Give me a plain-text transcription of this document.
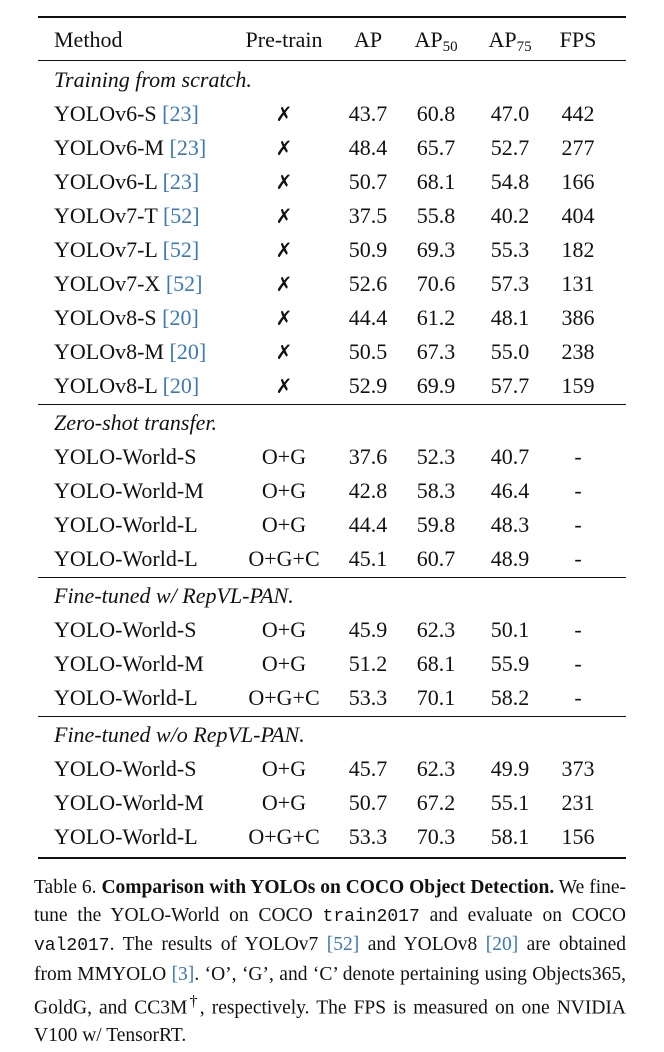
Method	Pre-train	AP	$AP_{50}$	$AP_{75}$	FPS
Training from scratch.
YOLOv6-S [23]	✗	43.7	60.8	47.0	442
YOLOv6-M [23]	✗	48.4	65.7	52.7	277
YOLOv6-L [23]	✗	50.7	68.1	54.8	166
YOLOv7-T [52]	✗	37.5	55.8	40.2	404
YOLOv7-L [52]	✗	50.9	69.3	55.3	182
YOLOv7-X [52]	✗	52.6	70.6	57.3	131
YOLOv8-S [20]	✗	44.4	61.2	48.1	386
YOLOv8-M [20]	✗	50.5	67.3	55.0	238
YOLOv8-L [20]	✗	52.9	69.9	57.7	159
Zero-shot transfer.
YOLO-World-S	O+G	37.6	52.3	40.7	-
YOLO-World-M	O+G	42.8	58.3	46.4	-
YOLO-World-L	O+G	44.4	59.8	48.3	-
YOLO-World-L	O+G+C	45.1	60.7	48.9	-
Fine-tuned w/ RepVL-PAN.
YOLO-World-S	O+G	45.9	62.3	50.1	-
YOLO-World-M	O+G	51.2	68.1	55.9	-
YOLO-World-L	O+G+C	53.3	70.1	58.2	-
Fine-tuned w/o RepVL-PAN.
YOLO-World-S	O+G	45.7	62.3	49.9	373
YOLO-World-M	O+G	50.7	67.2	55.1	231
YOLO-World-L	O+G+C	53.3	70.3	58.1	156
Table 6. Comparison with YOLOs on COCO Object Detection. We fine-tune the YOLO-World on COCO train2017 and evaluate on COCO val2017. The results of YOLOv7 [52] and YOLOv8 [20] are obtained from MMYOLO [3]. ‘O’, ‘G’, and ‘C’ denote pertaining using Objects365, GoldG, and CC3M†, respectively. The FPS is measured on one NVIDIA V100 w/ TensorRT.
